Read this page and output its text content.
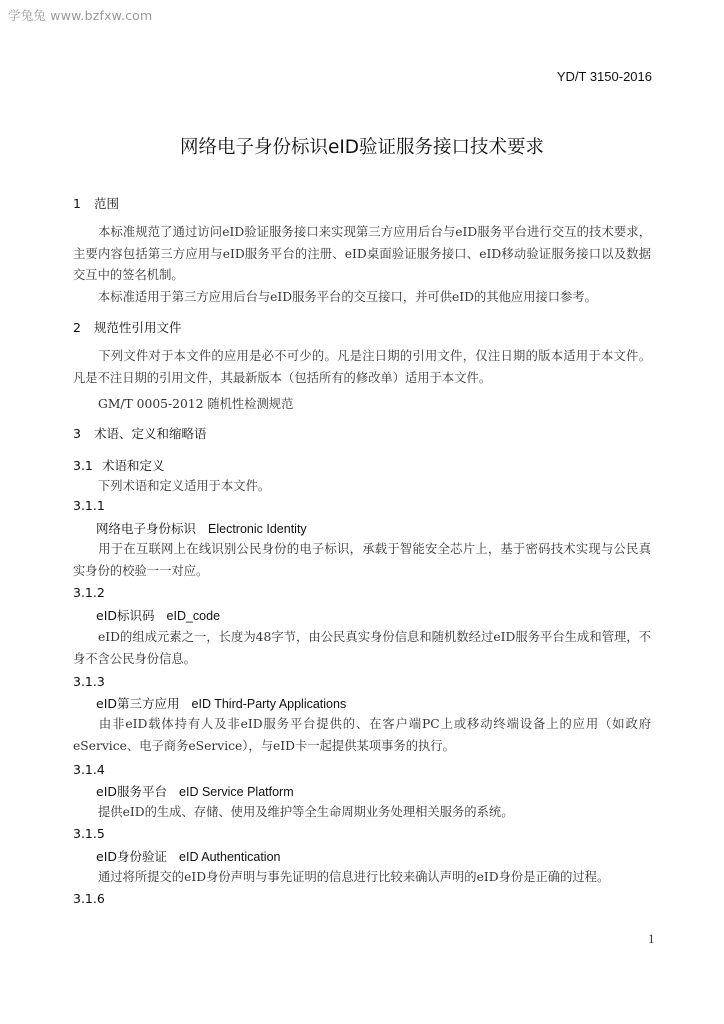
学兔兔 www.bzfxw.com
YD/T 3150-2016
网络电子身份标识eID验证服务接口技术要求
1 范围
本标准规范了通过访问eID验证服务接口来实现第三方应用后台与eID服务平台进行交互的技术要求，主要内容包括第三方应用与eID服务平台的注册、eID桌面验证服务接口、eID移动验证服务接口以及数据交互中的签名机制。
本标准适用于第三方应用后台与eID服务平台的交互接口，并可供eID的其他应用接口参考。
2 规范性引用文件
下列文件对于本文件的应用是必不可少的。凡是注日期的引用文件，仅注日期的版本适用于本文件。凡是不注日期的引用文件，其最新版本（包括所有的修改单）适用于本文件。
GM/T 0005-2012 随机性检测规范
3 术语、定义和缩略语
3.1 术语和定义
下列术语和定义适用于本文件。
3.1.1
网络电子身份标识 Electronic Identity
用于在互联网上在线识别公民身份的电子标识，承载于智能安全芯片上，基于密码技术实现与公民真实身份的校验一一对应。
3.1.2
eID标识码 eID_code
eID的组成元素之一，长度为48字节，由公民真实身份信息和随机数经过eID服务平台生成和管理，不身不含公民身份信息。
3.1.3
eID第三方应用 eID Third-Party Applications
由非eID载体持有人及非eID服务平台提供的、在客户端PC上或移动终端设备上的应用（如政府eService、电子商务eService），与eID卡一起提供某项事务的执行。
3.1.4
eID服务平台 eID Service Platform
提供eID的生成、存储、使用及维护等全生命周期业务处理相关服务的系统。
3.1.5
eID身份验证 eID Authentication
通过将所提交的eID身份声明与事先证明的信息进行比较来确认声明的eID身份是正确的过程。
3.1.6
1
